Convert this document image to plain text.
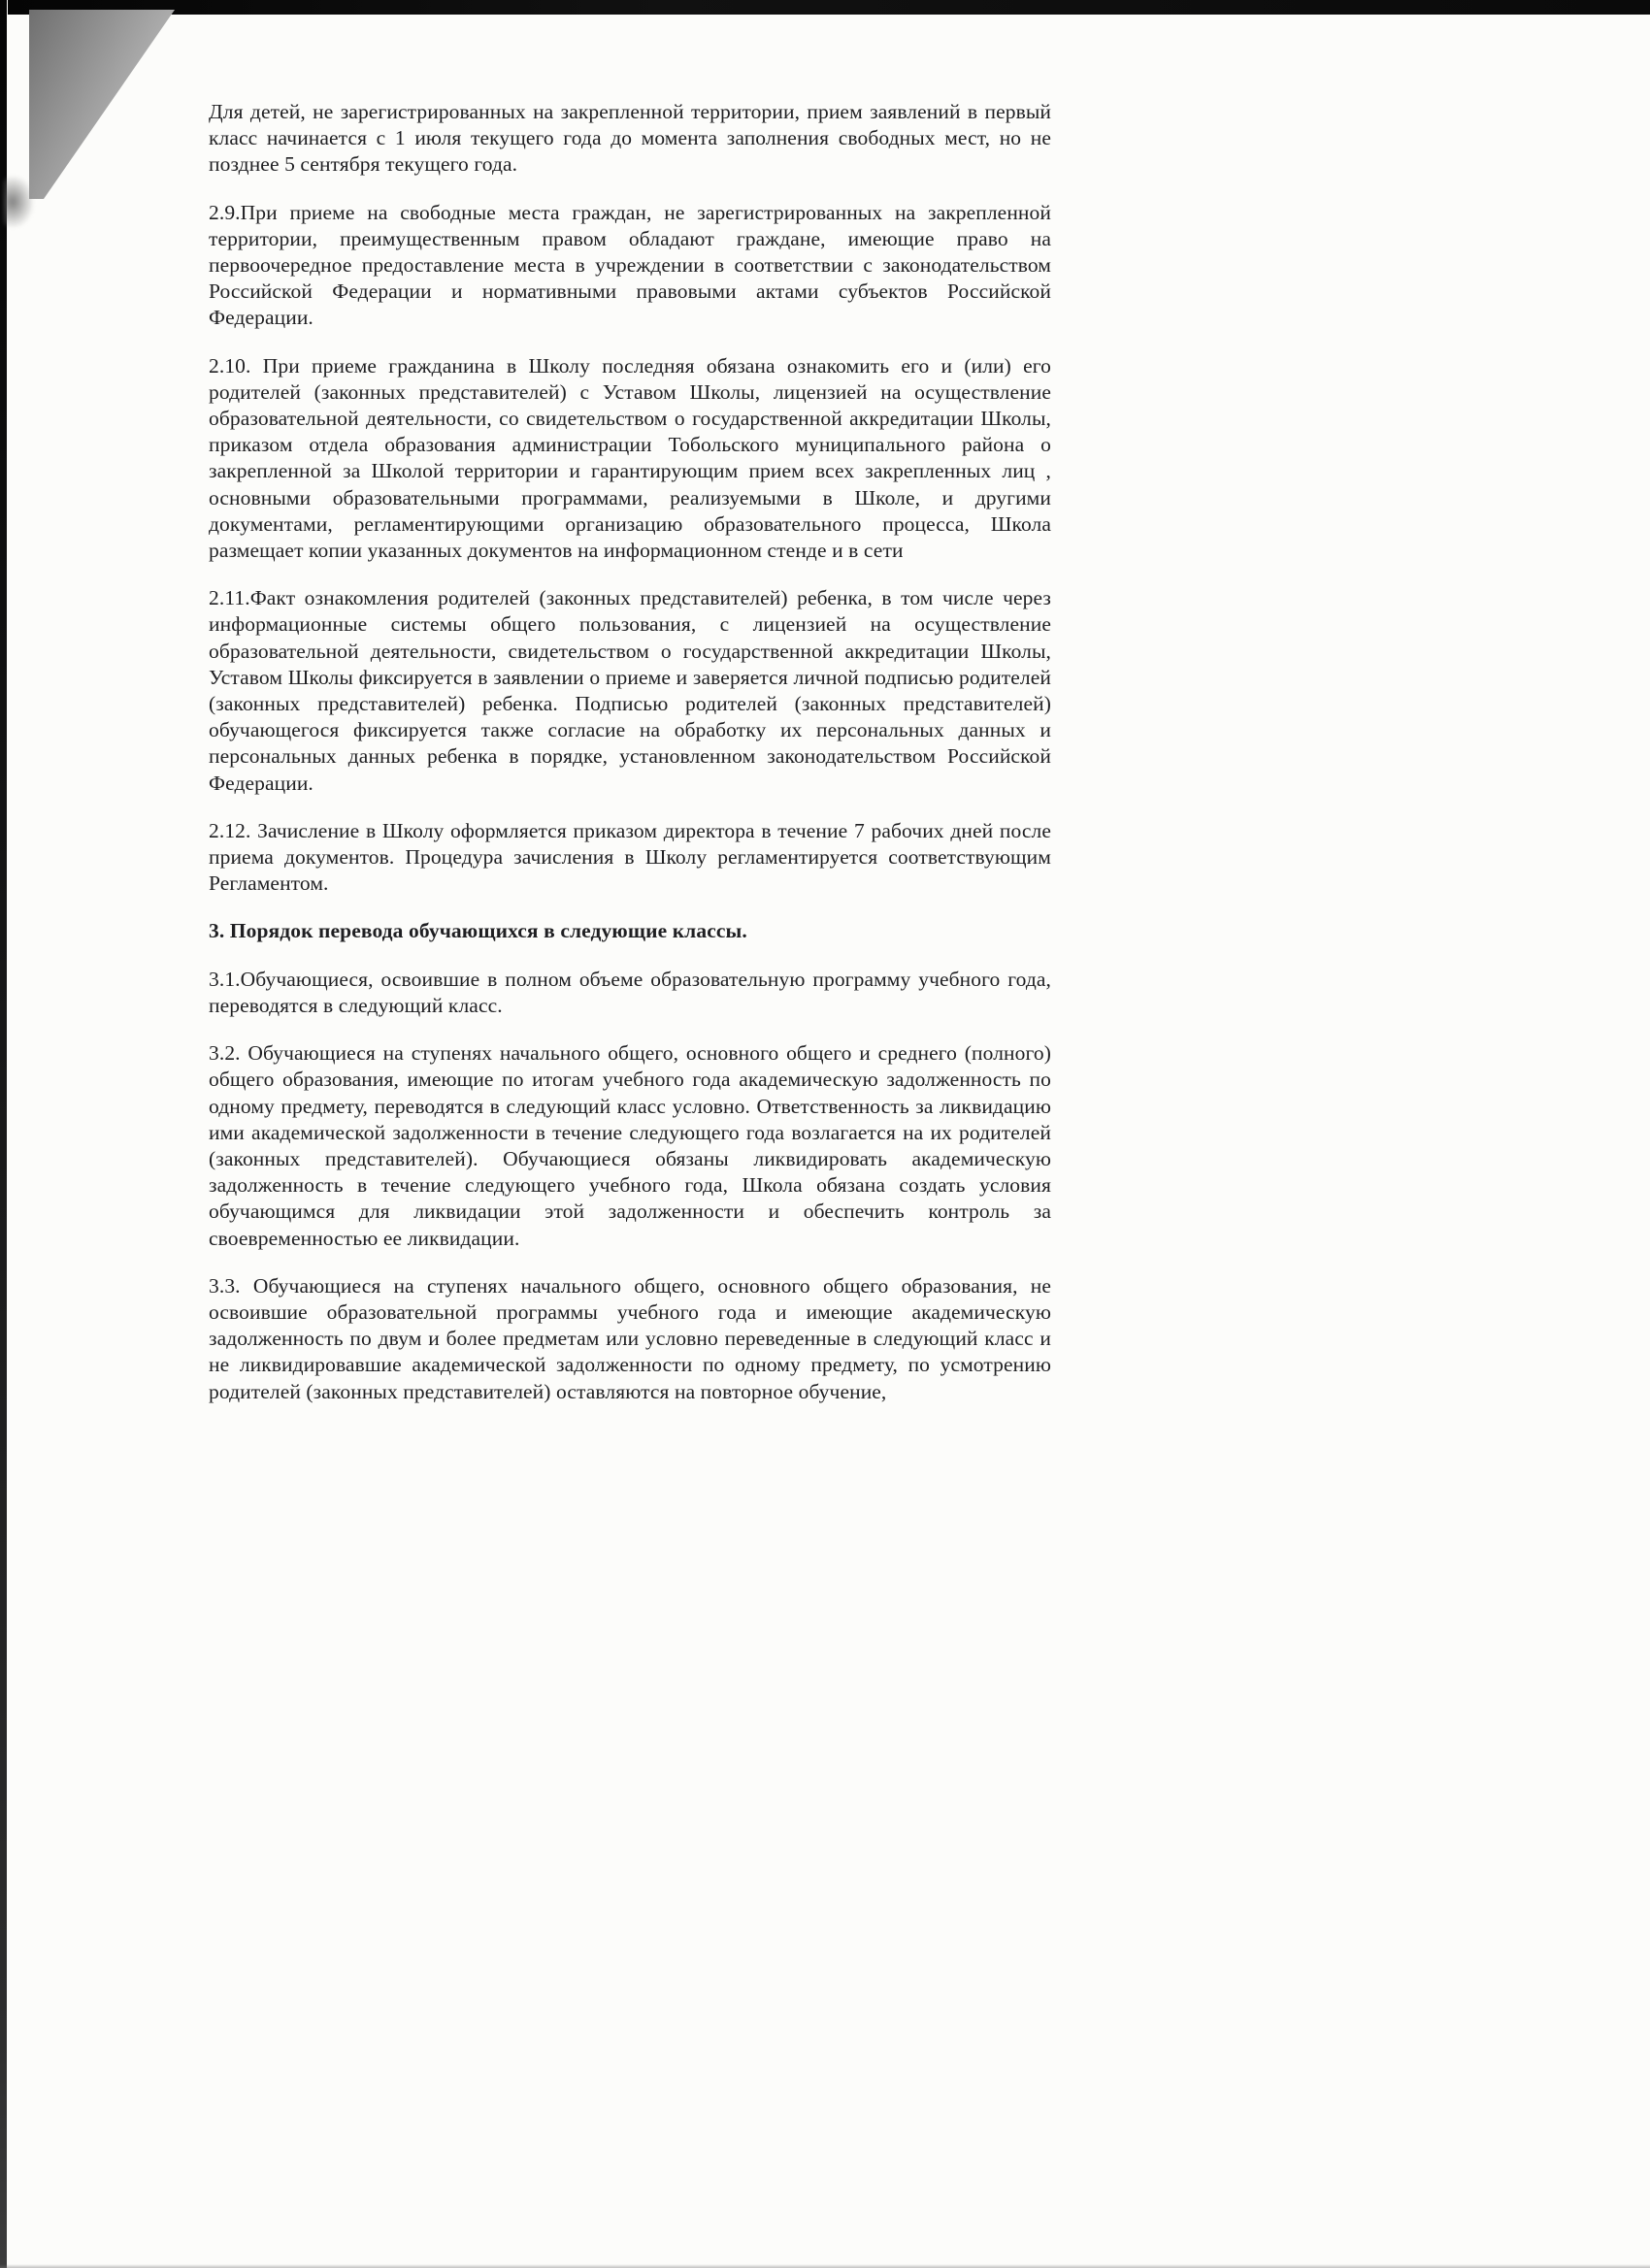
Для детей, не зарегистрированных на закрепленной территории, прием заявлений в первый класс начинается с 1 июля текущего года до момента заполнения свободных мест, но не позднее 5 сентября текущего года.

2.9.При приеме на свободные места граждан, не зарегистрированных на закрепленной территории, преимущественным правом обладают граждане, имеющие право на первоочередное предоставление места в учреждении в соответствии с законодательством Российской Федерации и нормативными правовыми актами субъектов Российской Федерации.

2.10. При приеме гражданина в Школу последняя обязана ознакомить его и (или) его родителей (законных представителей) с Уставом Школы, лицензией на осуществление образовательной деятельности, со свидетельством о государственной аккредитации Школы, приказом отдела образования администрации Тобольского муниципального района о закрепленной за Школой территории и гарантирующим прием всех закрепленных лиц , основными образовательными программами, реализуемыми в Школе, и другими документами, регламентирующими организацию образовательного процесса, Школа размещает копии указанных документов на информационном стенде и в сети

2.11.Факт ознакомления родителей (законных представителей) ребенка, в том числе через информационные системы общего пользования, с лицензией на осуществление образовательной деятельности, свидетельством о государственной аккредитации Школы, Уставом Школы фиксируется в заявлении о приеме и заверяется личной подписью родителей (законных представителей) ребенка. Подписью родителей (законных представителей) обучающегося фиксируется также согласие на обработку их персональных данных и персональных данных ребенка в порядке, установленном законодательством Российской Федерации.

2.12. Зачисление в Школу оформляется приказом директора в течение 7 рабочих дней после приема документов. Процедура зачисления в Школу регламентируется соответствующим Регламентом.

3. Порядок перевода обучающихся в следующие классы.

3.1.Обучающиеся, освоившие в полном объеме образовательную программу учебного года, переводятся в следующий класс.

3.2. Обучающиеся на ступенях начального общего, основного общего и среднего (полного) общего образования, имеющие по итогам учебного года академическую задолженность по одному предмету, переводятся в следующий класс условно. Ответственность за ликвидацию ими академической задолженности в течение следующего года возлагается на их родителей (законных представителей). Обучающиеся обязаны ликвидировать академическую задолженность в течение следующего учебного года, Школа обязана создать условия обучающимся для ликвидации этой задолженности и обеспечить контроль за своевременностью ее ликвидации.

3.3. Обучающиеся на ступенях начального общего, основного общего образования, не освоившие образовательной программы учебного года и имеющие академическую задолженность по двум и более предметам или условно переведенные в следующий класс и не ликвидировавшие академической задолженности по одному предмету, по усмотрению родителей (законных представителей) оставляются на повторное обучение,
